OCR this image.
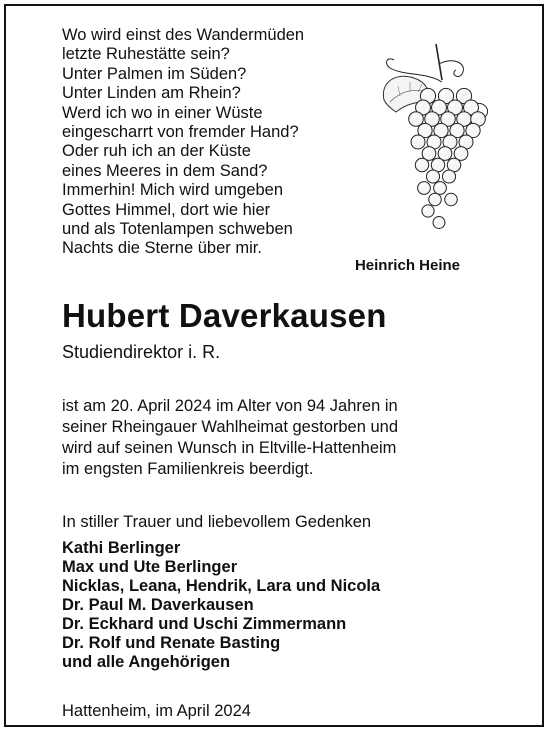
Wo wird einst des Wandermüden
letzte Ruhestätte sein?
Unter Palmen im Süden?
Unter Linden am Rhein?
Werd ich wo in einer Wüste
eingescharrt von fremder Hand?
Oder ruh ich an der Küste
eines Meeres in dem Sand?
Immerhin! Mich wird umgeben
Gottes Himmel, dort wie hier
und als Totenlampen schweben
Nachts die Sterne über mir.
Heinrich Heine
Hubert Daverkausen
Studiendirektor i. R.
ist am 20. April 2024 im Alter von 94 Jahren in
seiner Rheingauer Wahlheimat gestorben und
wird auf seinen Wunsch in Eltville-Hattenheim
im engsten Familienkreis beerdigt.
In stiller Trauer und liebevollem Gedenken
Kathi Berlinger
Max und Ute Berlinger
Nicklas, Leana, Hendrik, Lara und Nicola
Dr. Paul M. Daverkausen
Dr. Eckhard und Uschi Zimmermann
Dr. Rolf und Renate Basting
und alle Angehörigen
Hattenheim, im April 2024
